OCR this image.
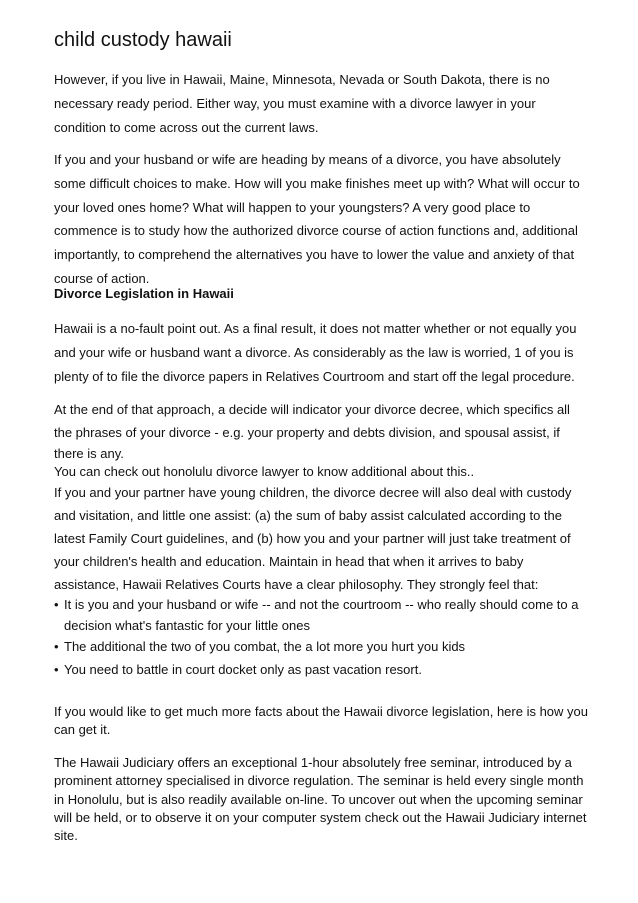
child custody hawaii

However, if you live in Hawaii, Maine, Minnesota, Nevada or South Dakota, there is no
necessary ready period. Either way, you must examine with a divorce lawyer in your
condition to come across out the current laws.

If you and your husband or wife are heading by means of a divorce, you have absolutely
some difficult choices to make. How will you make finishes meet up with? What will occur to
your loved ones home? What will happen to your youngsters? A very good place to
commence is to study how the authorized divorce course of action functions and, additional
importantly, to comprehend the alternatives you have to lower the value and anxiety of that
course of action.

Divorce Legislation in Hawaii

Hawaii is a no-fault point out. As a final result, it does not matter whether or not equally you
and your wife or husband want a divorce. As considerably as the law is worried, 1 of you is
plenty of to file the divorce papers in Relatives Courtroom and start off the legal procedure.

At the end of that approach, a decide will indicator your divorce decree, which specifics all
the phrases of your divorce - e.g. your property and debts division, and spousal assist, if
there is any.
You can check out honolulu divorce lawyer to know additional about this..
If you and your partner have young children, the divorce decree will also deal with custody
and visitation, and little one assist: (a) the sum of baby assist calculated according to the
latest Family Court guidelines, and (b) how you and your partner will just take treatment of
your children's health and education. Maintain in head that when it arrives to baby
assistance, Hawaii Relatives Courts have a clear philosophy. They strongly feel that:

• It is you and your husband or wife -- and not the courtroom -- who really should come to a
decision what's fantastic for your little ones
• The additional the two of you combat, the a lot more you hurt you kids
• You need to battle in court docket only as past vacation resort.

If you would like to get much more facts about the Hawaii divorce legislation, here is how you
can get it.

The Hawaii Judiciary offers an exceptional 1-hour absolutely free seminar, introduced by a
prominent attorney specialised in divorce regulation. The seminar is held every single month
in Honolulu, but is also readily available on-line. To uncover out when the upcoming seminar
will be held, or to observe it on your computer system check out the Hawaii Judiciary internet
site.
